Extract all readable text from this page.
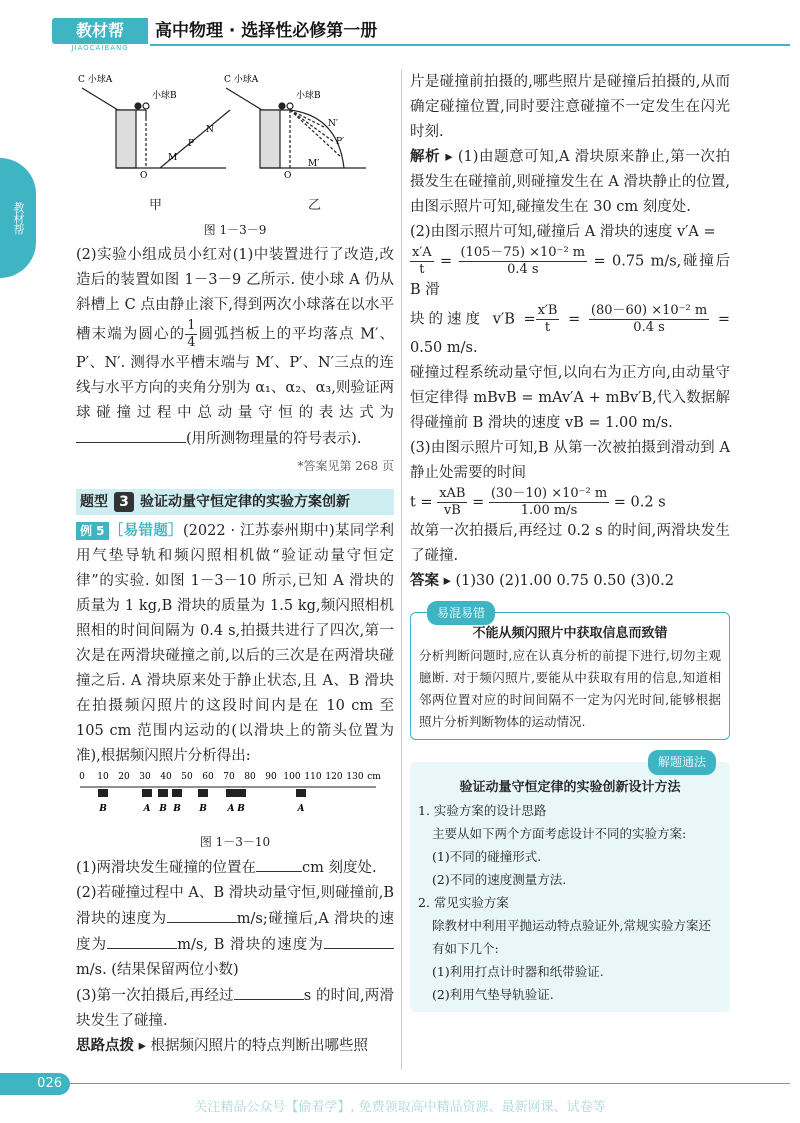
教材帮
JIAOCAIBANG
高中物理 · 选择性必修第一册
教材帮
C 小球A
小球B
O
M
P
N
C 小球A
小球B
N′
P′
M′
O
甲	乙
图 1－3－9

(2)实验小组成员小红对(1)中装置进行了改造,改造后的装置如图 1－3－9 乙所示. 使小球 A 仍从斜槽上 C 点由静止滚下,得到两次小球落在以水平槽末端为圆心的 $\frac{1}{4}$ 圆弧挡板上的平均落点 M′、P′、N′. 测得水平槽末端与 M′、P′、N′三点的连线与水平方向的夹角分别为 α₁、α₂、α₃,则验证两球碰撞过程中总动量守恒的表达式为(用所测物理量的符号表示).

*答案见第 268 页
题型 3 验证动量守恒定律的实验方案创新

例 5 ［易错题］(2022 · 江苏泰州期中)某同学利用气垫导轨和频闪照相机做“验证动量守恒定律”的实验. 如图 1－3－10 所示,已知 A 滑块的质量为 1 kg,B 滑块的质量为 1.5 kg,频闪照相机照相的时间间隔为 0.4 s,拍摄共进行了四次,第一次是在两滑块碰撞之前,以后的三次是在两滑块碰撞之后. A 滑块原来处于静止状态,且 A、B 滑块在拍摄频闪照片的这段时间内是在 10 cm 至 105 cm 范围内运动的(以滑块上的箭头位置为准),根据频闪照片分析得出:

0 10 20 30 40 50 60 70 80 90 100 110 120 130 cm
B	A B B B A B	A
图 1－3－10

(1)两滑块发生碰撞的位置在	cm 刻度处.

(2)若碰撞过程中 A、B 滑块动量守恒,则碰撞前,B 滑块的速度为	m/s;碰撞后,A 滑块的速度为	m/s, B 滑块的速度为m/s. (结果保留两位小数)

(3)第一次拍摄后,再经过	s 的时间,两滑块发生了碰撞.

思路点拨 ▸ 根据频闪照片的特点判断出哪些照

片是碰撞前拍摄的,哪些照片是碰撞后拍摄的,从而确定碰撞位置,同时要注意碰撞不一定发生在闪光时刻.

解析 ▸ (1)由题意可知,A 滑块原来静止,第一次拍摄发生在碰撞前,则碰撞发生在 A 滑块静止的位置,由图示照片可知,碰撞发生在 30 cm 刻度处.

(2)由图示照片可知,碰撞后 A 滑块的速度 v′A =

$\frac{x'A}{t} = \frac{\text{(105－75) ×10⁻² m}}{0.4 s} = 0.75$ m/s,碰撞后 B 滑

块的速度 $v'B = \frac{x'B}{t} = \frac{\text{(80－60) ×10⁻² m}}{0.4 s} = 0.50$ m/s.

碰撞过程系统动量守恒,以向右为正方向,由动量守恒定律得 mBvB = mAv′A + mBv′B,代入数据解得碰撞前 B 滑块的速度 vB = 1.00 m/s.

(3)由图示照片可知,B 从第一次被拍摄到滑动到 A 静止处需要的时间

$t = \frac{\text{xAB}}{vB} = \frac{\text{(30－10) ×10⁻² m}}{1.00 m/s} = 0.2$ s

故第一次拍摄后,再经过 0.2 s 的时间,两滑块发生了碰撞.

答案 ▸ (1)30 (2)1.00 0.75 0.50 (3)0.2

易混易错
不能从频闪照片中获取信息而致错

分析判断问题时,应在认真分析的前提下进行,切勿主观臆断. 对于频闪照片,要能从中获取有用的信息,知道相邻两位置对应的时间间隔不一定为闪光时间,能够根据照片分析判断物体的运动情况.

解题通法
验证动量守恒定律的实验创新设计方法
1. 实验方案的设计思路
主要从如下两个方面考虑设计不同的实验方案:
(1)不同的碰撞形式.
(2)不同的速度测量方法.
2. 常见实验方案
除教材中利用平抛运动特点验证外,常规实验方案还有如下几个:
(1)利用打点计时器和纸带验证.
(2)利用气垫导轨验证.
026
关注精品公众号【偷着学】, 免费领取高中精品资源、最新网课、试卷等
